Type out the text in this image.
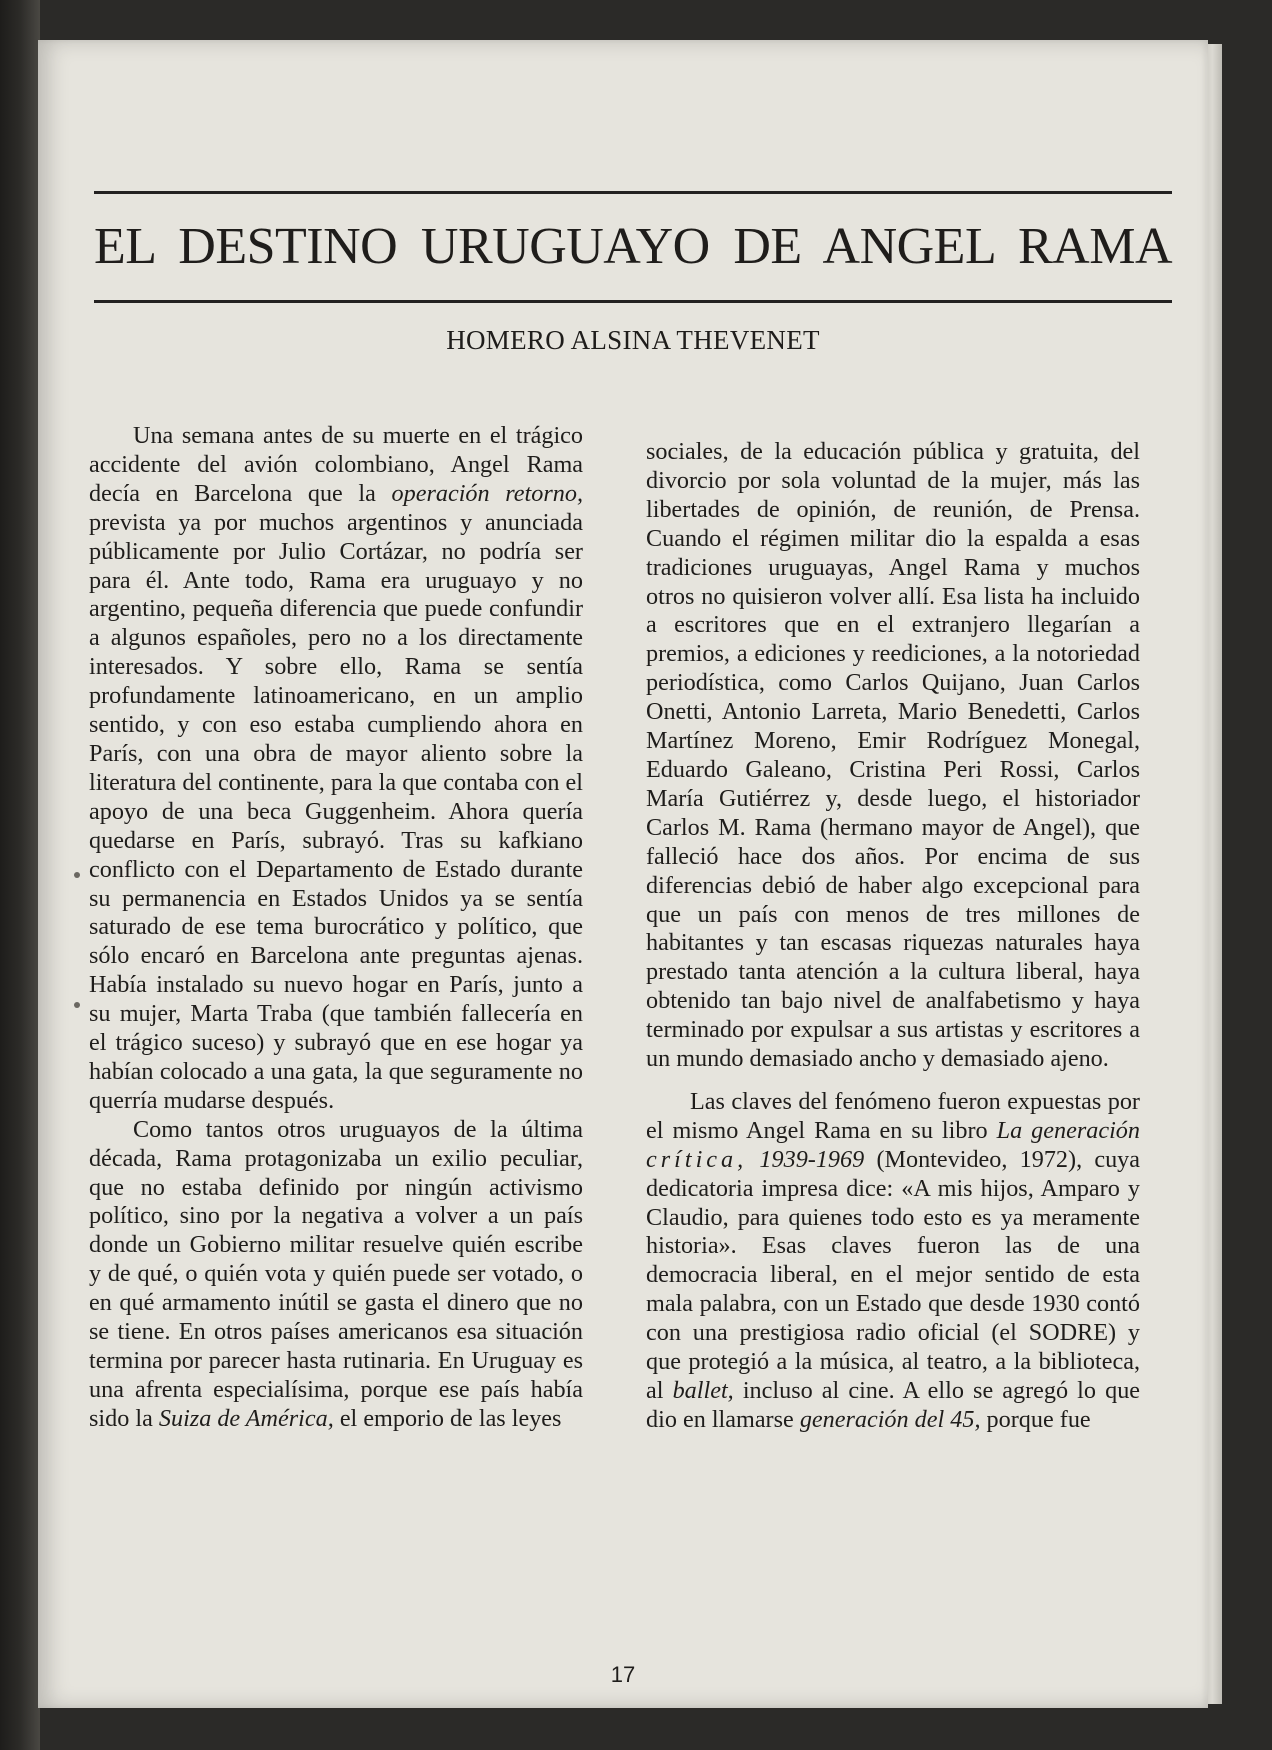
EL DESTINO URUGUAYO DE ANGEL RAMA
HOMERO ALSINA THEVENET

Una semana antes de su muerte en el trágico accidente del avión colombiano, Angel Rama decía en Barcelona que la operación retorno, prevista ya por muchos argentinos y anunciada públicamente por Julio Cortázar, no podría ser para él. Ante todo, Rama era uruguayo y no argentino, pequeña diferencia que puede confundir a algunos españoles, pero no a los directamente interesados. Y sobre ello, Rama se sentía profundamente latinoamericano, en un amplio sentido, y con eso estaba cumpliendo ahora en París, con una obra de mayor aliento sobre la literatura del continente, para la que contaba con el apoyo de una beca Guggenheim. Ahora quería quedarse en París, subrayó. Tras su kafkiano conflicto con el Departamento de Estado durante su permanencia en Estados Unidos ya se sentía saturado de ese tema burocrático y político, que sólo encaró en Barcelona ante preguntas ajenas. Había instalado su nuevo hogar en París, junto a su mujer, Marta Traba (que también fallecería en el trágico suceso) y subrayó que en ese hogar ya habían colocado a una gata, la que seguramente no querría mudarse después.

Como tantos otros uruguayos de la última década, Rama protagonizaba un exilio peculiar, que no estaba definido por ningún activismo político, sino por la negativa a volver a un país donde un Gobierno militar resuelve quién escribe y de qué, o quién vota y quién puede ser votado, o en qué armamento inútil se gasta el dinero que no se tiene. En otros países americanos esa situación termina por parecer hasta rutinaria. En Uruguay es una afrenta especialísima, porque ese país había sido la Suiza de América, el emporio de las leyes

sociales, de la educación pública y gratuita, del divorcio por sola voluntad de la mujer, más las libertades de opinión, de reunión, de Prensa. Cuando el régimen militar dio la espalda a esas tradiciones uruguayas, Angel Rama y muchos otros no quisieron volver allí. Esa lista ha incluido a escritores que en el extranjero llegarían a premios, a ediciones y reediciones, a la notoriedad periodística, como Carlos Quijano, Juan Carlos Onetti, Antonio Larreta, Mario Benedetti, Carlos Martínez Moreno, Emir Rodríguez Monegal, Eduardo Galeano, Cristina Peri Rossi, Carlos María Gutiérrez y, desde luego, el historiador Carlos M. Rama (hermano mayor de Angel), que falleció hace dos años. Por encima de sus diferencias debió de haber algo excepcional para que un país con menos de tres millones de habitantes y tan escasas riquezas naturales haya prestado tanta atención a la cultura liberal, haya obtenido tan bajo nivel de analfabetismo y haya terminado por expulsar a sus artistas y escritores a un mundo demasiado ancho y demasiado ajeno.

Las claves del fenómeno fueron expuestas por el mismo Angel Rama en su libro La generación crítica, 1939-1969 (Montevideo, 1972), cuya dedicatoria impresa dice: «A mis hijos, Amparo y Claudio, para quienes todo esto es ya meramente historia». Esas claves fueron las de una democracia liberal, en el mejor sentido de esta mala palabra, con un Estado que desde 1930 contó con una prestigiosa radio oficial (el SODRE) y que protegió a la música, al teatro, a la biblioteca, al ballet, incluso al cine. A ello se agregó lo que dio en llamarse generación del 45, porque fue

17
